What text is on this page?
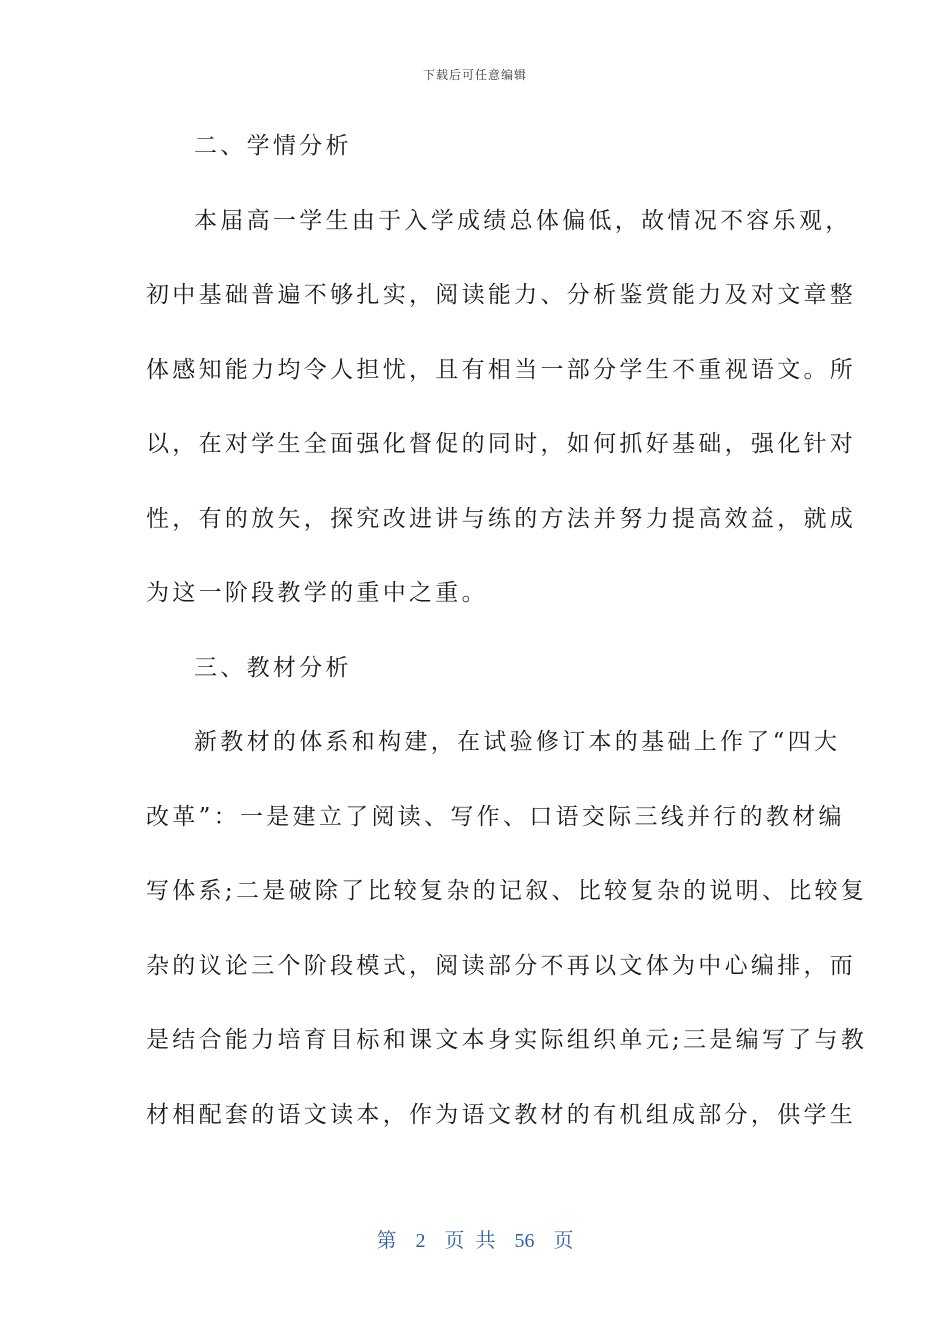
下载后可任意编辑
二、学情分析
本届高一学生由于入学成绩总体偏低，故情况不容乐观，
初中基础普遍不够扎实，阅读能力、分析鉴赏能力及对文章整
体感知能力均令人担忧，且有相当一部分学生不重视语文。所
以，在对学生全面强化督促的同时，如何抓好基础，强化针对
性，有的放矢，探究改进讲与练的方法并努力提高效益，就成
为这一阶段教学的重中之重。
三、教材分析
新教材的体系和构建，在试验修订本的基础上作了“四大
改革”：一是建立了阅读、写作、口语交际三线并行的教材编
写体系;二是破除了比较复杂的记叙、比较复杂的说明、比较复
杂的议论三个阶段模式，阅读部分不再以文体为中心编排，而
是结合能力培育目标和课文本身实际组织单元;三是编写了与教
材相配套的语文读本，作为语文教材的有机组成部分，供学生
第 2 页 共 56 页
